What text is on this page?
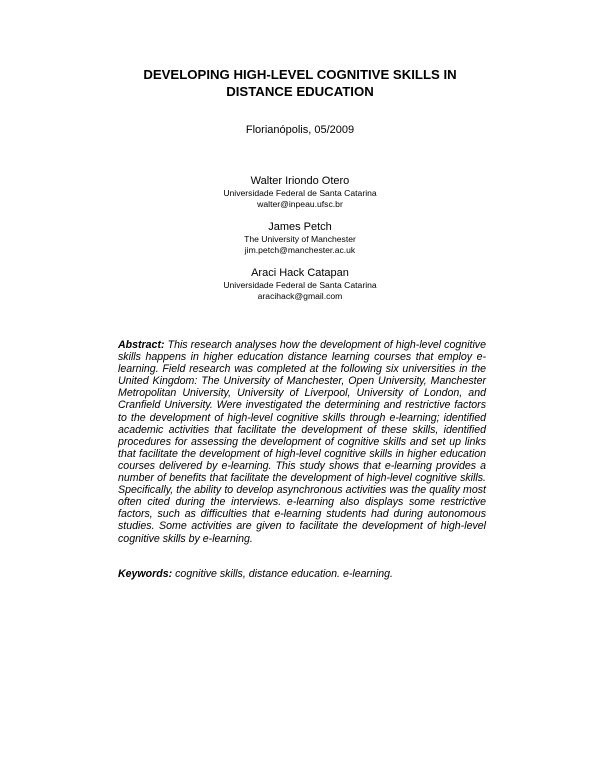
DEVELOPING HIGH-LEVEL COGNITIVE SKILLS IN
DISTANCE EDUCATION
Florianópolis, 05/2009
Walter Iriondo Otero
Universidade Federal de Santa Catarina
walter@inpeau.ufsc.br
James Petch
The University of Manchester
jim.petch@manchester.ac.uk
Araci Hack Catapan
Universidade Federal de Santa Catarina
aracihack@gmail.com
Abstract: This research analyses how the development of high-level cognitive skills happens in higher education distance learning courses that employ e-learning. Field research was completed at the following six universities in the United Kingdom: The University of Manchester, Open University, Manchester Metropolitan University, University of Liverpool, University of London, and Cranfield University. Were investigated the determining and restrictive factors to the development of high-level cognitive skills through e-learning; identified academic activities that facilitate the development of these skills, identified procedures for assessing the development of cognitive skills and set up links that facilitate the development of high-level cognitive skills in higher education courses delivered by e-learning. This study shows that e-learning provides a number of benefits that facilitate the development of high-level cognitive skills. Specifically, the ability to develop asynchronous activities was the quality most often cited during the interviews. e-learning also displays some restrictive factors, such as difficulties that e-learning students had during autonomous studies. Some activities are given to facilitate the development of high-level cognitive skills by e-learning.
Keywords: cognitive skills, distance education. e-learning.
